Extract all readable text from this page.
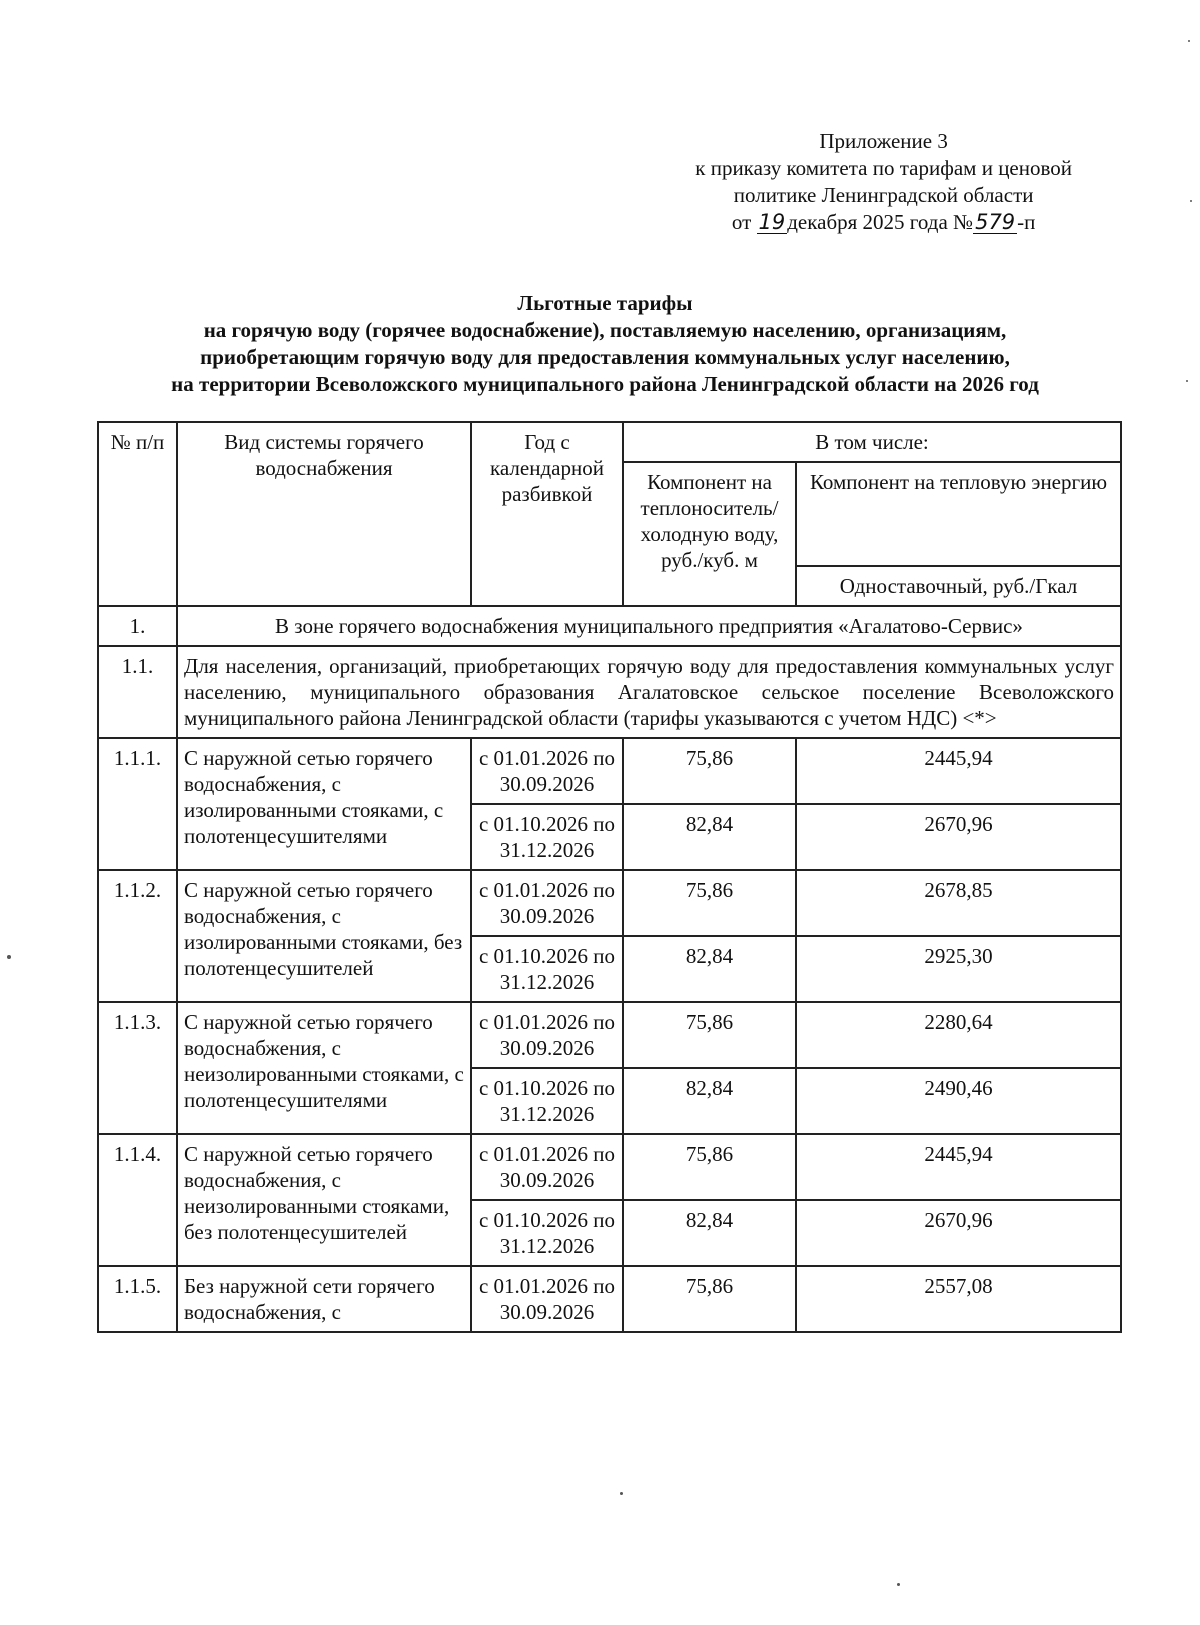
Приложение 3
к приказу комитета по тарифам и ценовой
политике Ленинградской области
от 19декабря 2025 года №579-п
Льготные тарифы
на горячую воду (горячее водоснабжение), поставляемую населению, организациям,
приобретающим горячую воду для предоставления коммунальных услуг населению,
на территории Всеволожского муниципального района Ленинградской области на 2026 год
№ п/п	Вид системы горячего водоснабжения	Год с календарной разбивкой	В том числе:	
			Компонент на теплоноситель/ холодную воду, руб./куб. м	Компонент на тепловую энергию
				Одноставочный, руб./Гкал
1.	В зоне горячего водоснабжения муниципального предприятия «Агалатово-Сервис»			
1.1.	Для населения, организаций, приобретающих горячую воду для предоставления коммунальных услуг населению, муниципального образования Агалатовское сельское поселение Всеволожского муниципального района Ленинградской области (тарифы указываются с учетом НДС) <*>			
1.1.1.	С наружной сетью горячего водоснабжения, с изолированными стояками, с полотенцесушителями	с 01.01.2026 по 30.09.2026	75,86	2445,94
		с 01.10.2026 по 31.12.2026	82,84	2670,96
1.1.2.	С наружной сетью горячего водоснабжения, с изолированными стояками, без полотенцесушителей	с 01.01.2026 по 30.09.2026	75,86	2678,85
		с 01.10.2026 по 31.12.2026	82,84	2925,30
1.1.3.	С наружной сетью горячего водоснабжения, с неизолированными стояками, с полотенцесушителями	с 01.01.2026 по 30.09.2026	75,86	2280,64
		с 01.10.2026 по 31.12.2026	82,84	2490,46
1.1.4.	С наружной сетью горячего водоснабжения, с неизолированными стояками, без полотенцесушителей	с 01.01.2026 по 30.09.2026	75,86	2445,94
		с 01.10.2026 по 31.12.2026	82,84	2670,96
1.1.5.	Без наружной сети горячего водоснабжения, с	с 01.01.2026 по 30.09.2026	75,86	2557,08
